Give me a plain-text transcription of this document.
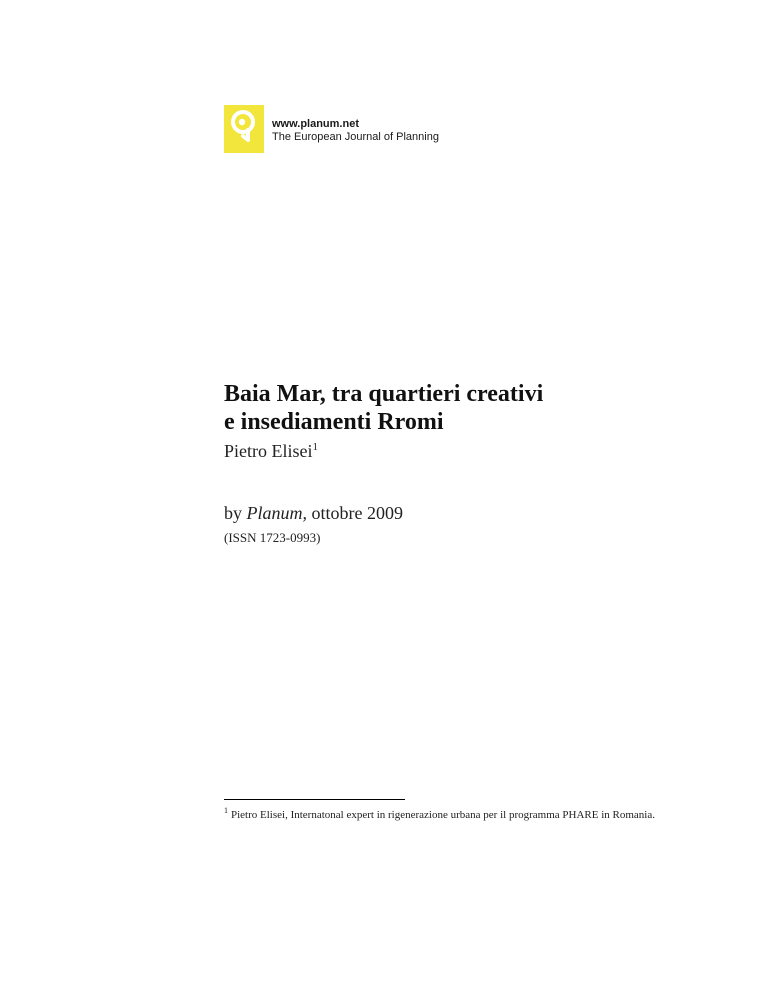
www.planum.net
The European Journal of Planning
Baia Mar, tra quartieri creativi
e insediamenti Rromi
Pietro Elisei$^1$
by Planum, ottobre 2009
(ISSN 1723-0993)
$^1$ Pietro Elisei, Internatonal expert in rigenerazione urbana per il programma PHARE in Romania.
